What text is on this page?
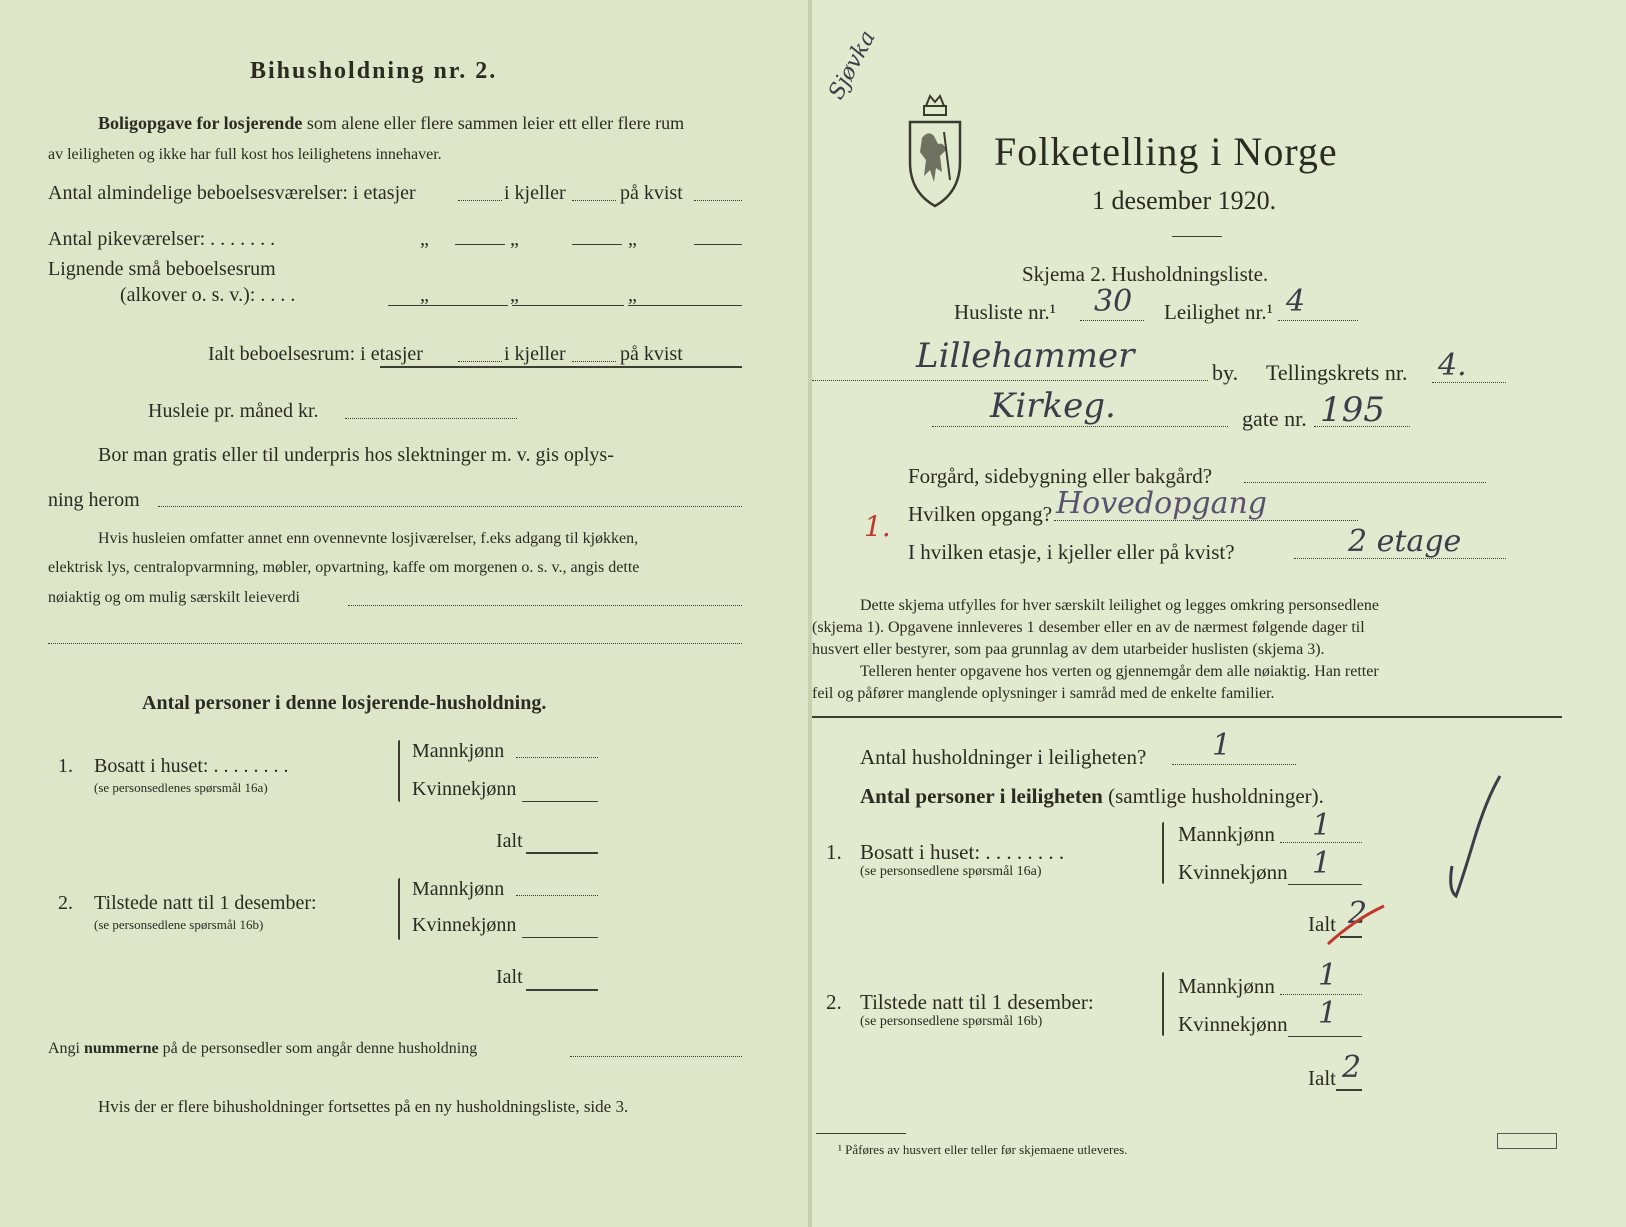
Bihusholdning nr. 2.
Boligopgave for losjerende som alene eller flere sammen leier ett eller flere rum
av leiligheten og ikke har full kost hos leilighetens innehaver.
Antal almindelige beboelsesværelser: i etasjer	i kjeller	på kvist
Antal pikeværelser: . . . . . . .	„	„	„
Lignende små beboelsesrum
(alkover o. s. v.): . . . .	„	„	„
Ialt beboelsesrum: i etasjer	i kjeller	på kvist
Husleie pr. måned kr.
Bor man gratis eller til underpris hos slektninger m. v. gis oplys-
ning herom
Hvis husleien omfatter annet enn ovennevnte losjiværelser, f.eks adgang til kjøkken,
elektrisk lys, centralopvarmning, møbler, opvartning, kaffe om morgenen o. s. v., angis dette
nøiaktig og om mulig særskilt leieverdi
Antal personer i denne losjerende-husholdning.
1. Bosatt i huset: . . . . . . . .
(se personsedlenes spørsmål 16a)
Mannkjønn
Kvinnekjønn
Ialt
2. Tilstede natt til 1 desember:
(se personsedlene spørsmål 16b)
Mannkjønn
Kvinnekjønn
Ialt
Angi nummerne på de personsedler som angår denne husholdning
Hvis der er flere bihusholdninger fortsettes på en ny husholdningsliste, side 3.
Sjøvka
Folketelling i Norge
1 desember 1920.
Skjema 2. Husholdningsliste.
Husliste nr.¹ 30 Leilighet nr.¹ 4
Lillehammer	by. Tellingskrets nr. 4.
Kirkeg.	gate nr. 195
Forgård, sidebygning eller bakgård?
1. Hvilken opgang? Hovedopgang
I hvilken etasje, i kjeller eller på kvist?	2 etage
Dette skjema utfylles for hver særskilt leilighet og legges omkring personsedlene
(skjema 1). Opgavene innleveres 1 desember eller en av de nærmest følgende dager til
husvert eller bestyrer, som paa grunnlag av dem utarbeider huslisten (skjema 3).
Telleren henter opgavene hos verten og gjennemgår dem alle nøiaktig. Han retter
feil og påfører manglende oplysninger i samråd med de enkelte familier.
Antal husholdninger i leiligheten? 1
Antal personer i leiligheten (samtlige husholdninger).
1. Bosatt i huset: . . . . . . . .
(se personsedlene spørsmål 16a)
Mannkjønn 1
Kvinnekjønn 1
Ialt 2
2. Tilstede natt til 1 desember:
(se personsedlene spørsmål 16b)
Mannkjønn 1
Kvinnekjønn 1
Ialt 2
¹ Påføres av husvert eller teller før skjemaene utleveres.
